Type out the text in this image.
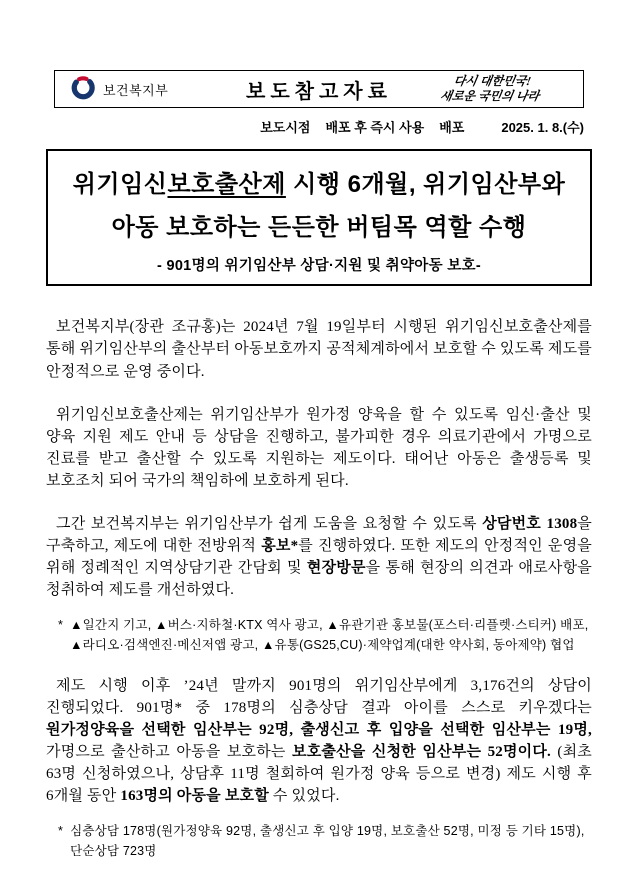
보건복지부	보도참고자료	다시 대한민국!
새로운 국민의 나라
보도시점 배포 후 즉시 사용 배포	2025. 1. 8.(수)
위기임신보호출산제 시행 6개월, 위기임산부와
아동 보호하는 든든한 버팀목 역할 수행
- 901명의 위기임산부 상담·지원 및 취약아동 보호-

보건복지부(장관 조규홍)는 2024년 7월 19일부터 시행된 위기임신보호출산제를 통해 위기임산부의 출산부터 아동보호까지 공적체계하에서 보호할 수 있도록 제도를 안정적으로 운영 중이다.

위기임신보호출산제는 위기임산부가 원가정 양육을 할 수 있도록 임신·출산 및 양육 지원 제도 안내 등 상담을 진행하고, 불가피한 경우 의료기관에서 가명으로 진료를 받고 출산할 수 있도록 지원하는 제도이다. 태어난 아동은 출생등록 및 보호조치 되어 국가의 책임하에 보호하게 된다.

그간 보건복지부는 위기임산부가 쉽게 도움을 요청할 수 있도록 상담번호 1308을 구축하고, 제도에 대한 전방위적 홍보*를 진행하였다. 또한 제도의 안정적인 운영을 위해 정례적인 지역상담기관 간담회 및 현장방문을 통해 현장의 의견과 애로사항을 청취하여 제도를 개선하였다.

* ▲일간지 기고, ▲버스·지하철·KTX 역사 광고, ▲유관기관 홍보물(포스터·리플렛·스티커) 배포, ▲라디오·검색엔진·메신저앱 광고, ▲유통(GS25,CU)·제약업계(대한 약사회, 동아제약) 협업

제도 시행 이후 ’24년 말까지 901명의 위기임산부에게 3,176건의 상담이 진행되었다. 901명* 중 178명의 심층상담 결과 아이를 스스로 키우겠다는 원가정양육을 선택한 임산부는 92명, 출생신고 후 입양을 선택한 임산부는 19명, 가명으로 출산하고 아동을 보호하는 보호출산을 신청한 임산부는 52명이다. (최초 63명 신청하였으나, 상담후 11명 철회하여 원가정 양육 등으로 변경) 제도 시행 후 6개월 동안 163명의 아동을 보호할 수 있었다.

* 심층상담 178명(원가정양육 92명, 출생신고 후 입양 19명, 보호출산 52명, 미정 등 기타 15명), 단순상담 723명
